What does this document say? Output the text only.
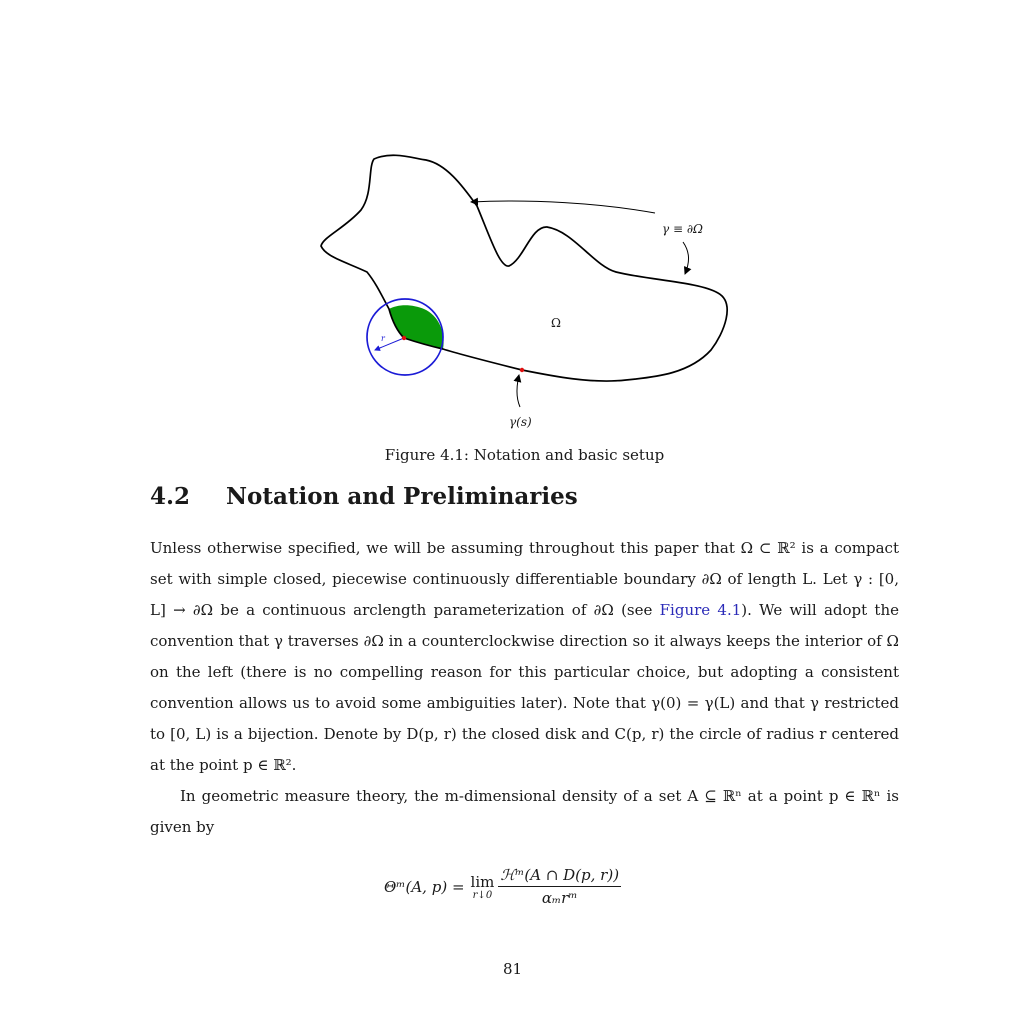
r
γ ≡ ∂Ω
Ω
γ(s)
Figure 4.1: Notation and basic setup
4.2 Notation and Preliminaries

Unless otherwise specified, we will be assuming throughout this paper that Ω ⊂ ℝ² is a compact set with simple closed, piecewise continuously differentiable boundary ∂Ω of length L. Let γ : [0, L] → ∂Ω be a continuous arclength parameterization of ∂Ω (see Figure 4.1). We will adopt the convention that γ traverses ∂Ω in a counterclockwise direction so it always keeps the interior of Ω on the left (there is no compelling reason for this particular choice, but adopting a consistent convention allows us to avoid some ambiguities later). Note that γ(0) = γ(L) and that γ restricted to [0, L) is a bijection. Denote by D(p, r) the closed disk and C(p, r) the circle of radius r centered at the point p ∈ ℝ².

In geometric measure theory, the m-dimensional density of a set A ⊆ ℝⁿ at a point p ∈ ℝⁿ is given by

Θᵐ(A, p) = lim
r↓0 $\frac{\text{ℋᵐ(A ∩ D(p, r))}}{\text{αₘrᵐ}}$
81
